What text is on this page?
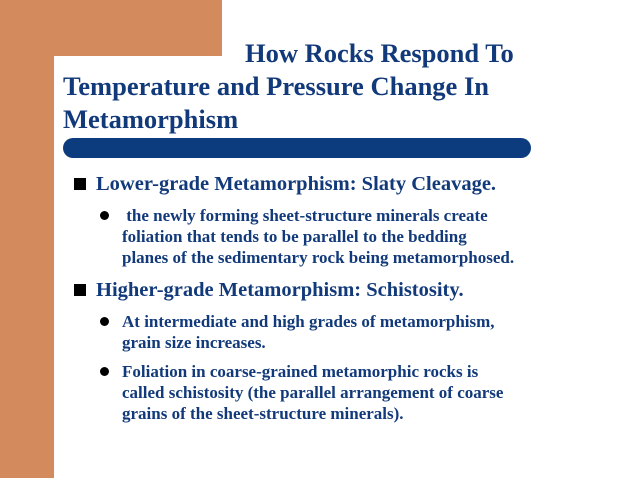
How Rocks Respond To
Temperature and Pressure Change In
Metamorphism
Lower-grade Metamorphism: Slaty Cleavage.
the newly forming sheet-structure minerals create
foliation that tends to be parallel to the bedding
planes of the sedimentary rock being metamorphosed.
Higher-grade Metamorphism: Schistosity.
At intermediate and high grades of metamorphism,
grain size increases.
Foliation in coarse-grained metamorphic rocks is
called schistosity (the parallel arrangement of coarse
grains of the sheet-structure minerals).
